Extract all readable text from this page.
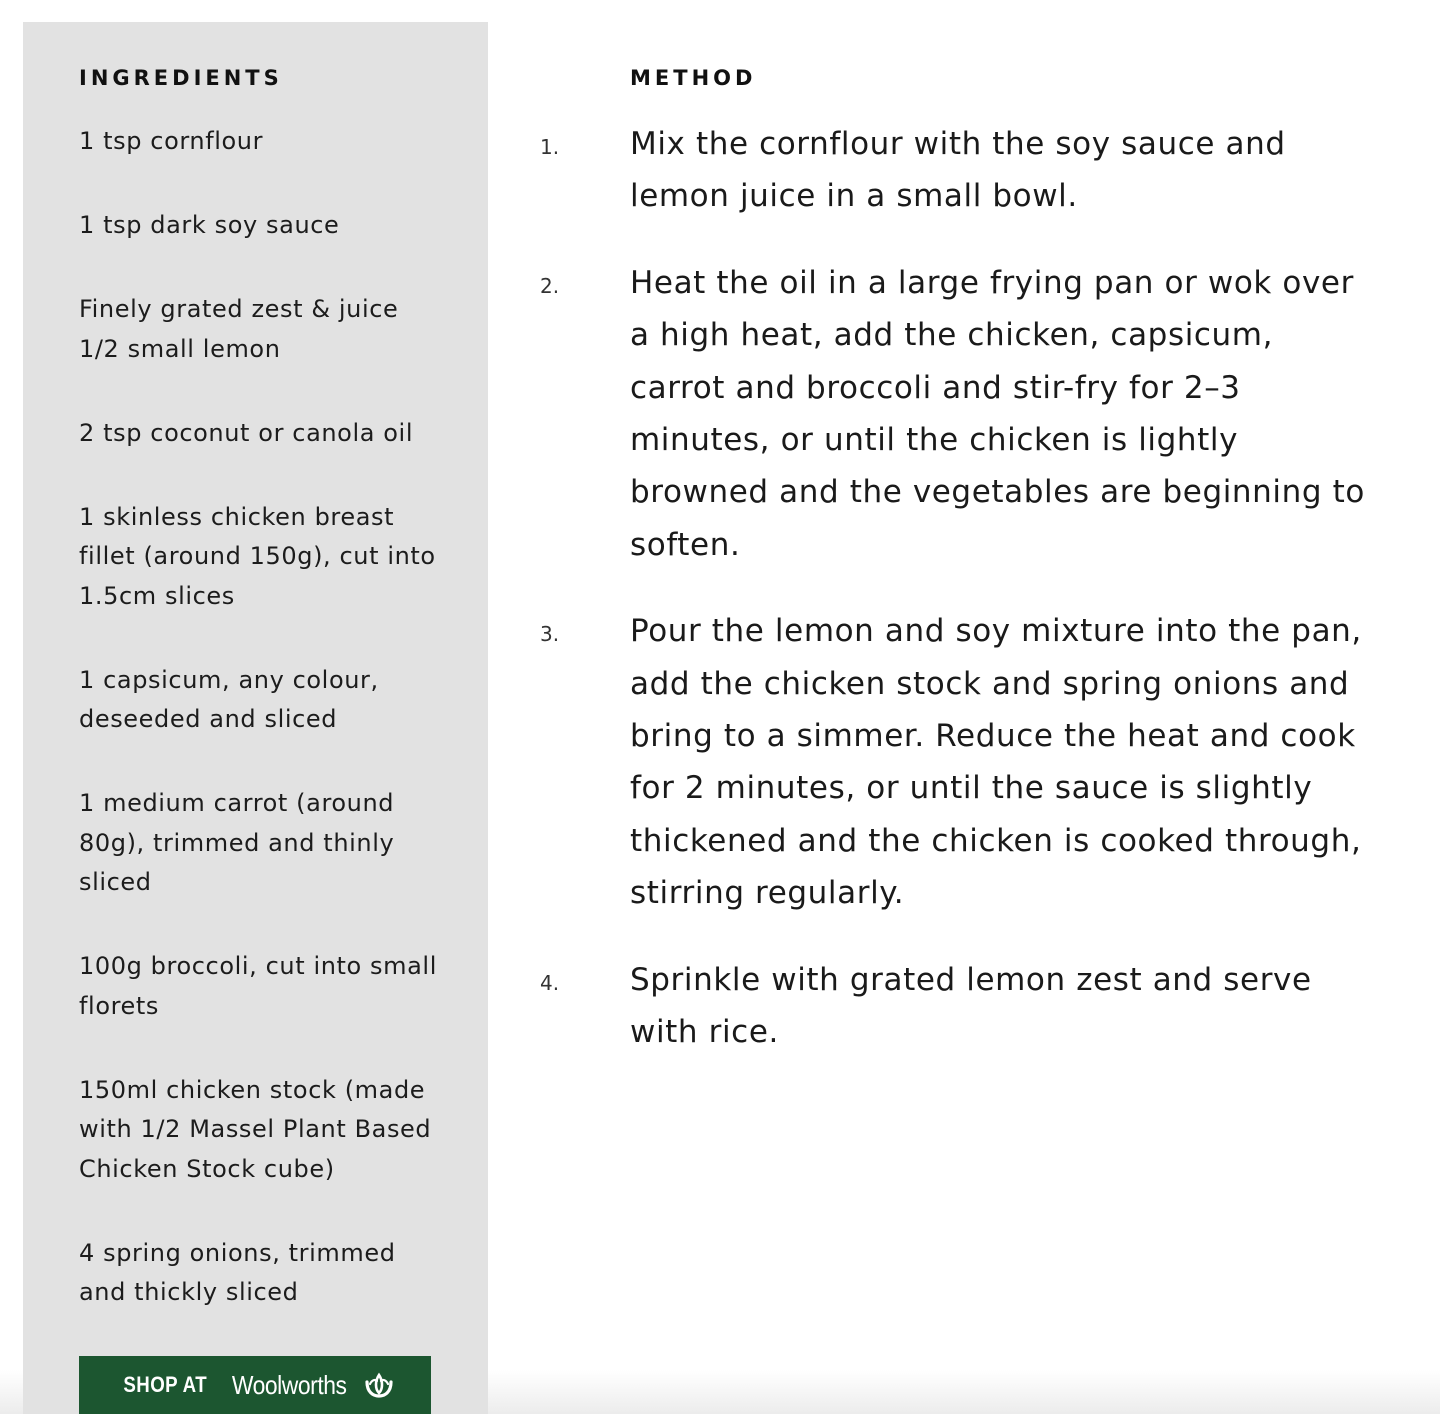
INGREDIENTS
1 tsp cornflour
1 tsp dark soy sauce
Finely grated zest & juice 1/2 small lemon
2 tsp coconut or canola oil
1 skinless chicken breast fillet (around 150g), cut into 1.5cm slices
1 capsicum, any colour, deseeded and sliced
1 medium carrot (around 80g), trimmed and thinly sliced
100g broccoli, cut into small florets
150ml chicken stock (made with 1/2 Massel Plant Based Chicken Stock cube)
4 spring onions, trimmed and thickly sliced
SHOP AT Woolworths
METHOD
1.	Mix the cornflour with the soy sauce and lemon juice in a small bowl.
2.	Heat the oil in a large frying pan or wok over a high heat, add the chicken, capsicum, carrot and broccoli and stir-fry for 2–3 minutes, or until the chicken is lightly browned and the vegetables are beginning to soften.
3.	Pour the lemon and soy mixture into the pan, add the chicken stock and spring onions and bring to a simmer. Reduce the heat and cook for 2 minutes, or until the sauce is slightly thickened and the chicken is cooked through, stirring regularly.
4.	Sprinkle with grated lemon zest and serve with rice.
